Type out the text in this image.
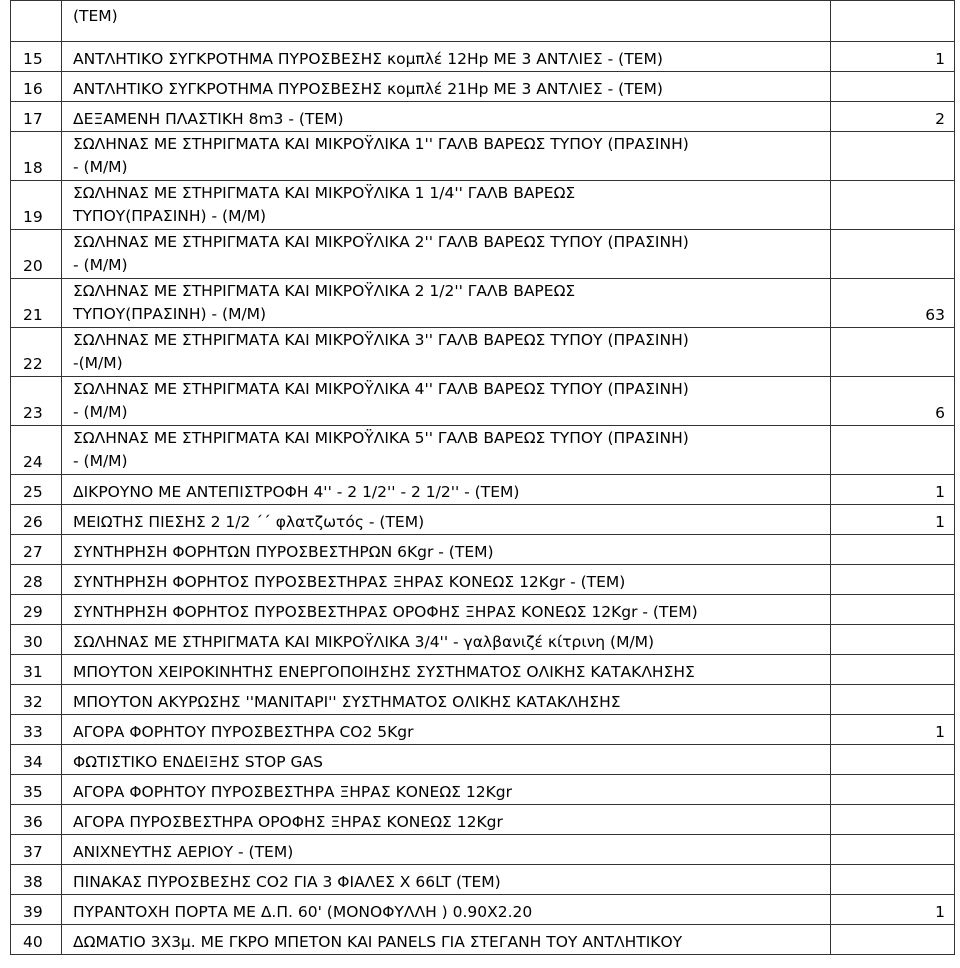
	(ΤΕΜ)	
15	ΑΝΤΛΗΤΙΚΟ ΣΥΓΚΡΟΤΗΜΑ ΠΥΡΟΣΒΕΣΗΣ κομπλέ 12Hp ΜΕ 3 ΑΝΤΛΙΕΣ - (ΤΕΜ)	1
16	ΑΝΤΛΗΤΙΚΟ ΣΥΓΚΡΟΤΗΜΑ ΠΥΡΟΣΒΕΣΗΣ κομπλέ 21Hp ΜΕ 3 ΑΝΤΛΙΕΣ - (ΤΕΜ)	
17	ΔΕΞΑΜΕΝΗ ΠΛΑΣΤΙΚΗ 8m3 - (ΤΕΜ)	2
18	ΣΩΛΗΝΑΣ ΜΕ ΣΤΗΡΙΓΜΑΤΑ ΚΑΙ ΜΙΚΡΟΫΛΙΚΑ 1'' ΓΑΛΒ ΒΑΡΕΩΣ ΤΥΠΟΥ (ΠΡΑΣΙΝΗ)
- (Μ/Μ)	

19	ΣΩΛΗΝΑΣ ΜΕ ΣΤΗΡΙΓΜΑΤΑ ΚΑΙ ΜΙΚΡΟΫΛΙΚΑ 1 1/4'' ΓΑΛΒ ΒΑΡΕΩΣ
ΤΥΠΟΥ(ΠΡΑΣΙΝΗ) - (Μ/Μ)	

20	ΣΩΛΗΝΑΣ ΜΕ ΣΤΗΡΙΓΜΑΤΑ ΚΑΙ ΜΙΚΡΟΫΛΙΚΑ 2'' ΓΑΛΒ ΒΑΡΕΩΣ ΤΥΠΟΥ (ΠΡΑΣΙΝΗ)
- (Μ/Μ)	

21	ΣΩΛΗΝΑΣ ΜΕ ΣΤΗΡΙΓΜΑΤΑ ΚΑΙ ΜΙΚΡΟΫΛΙΚΑ 2 1/2'' ΓΑΛΒ ΒΑΡΕΩΣ
ΤΥΠΟΥ(ΠΡΑΣΙΝΗ) - (Μ/Μ)	63
22	ΣΩΛΗΝΑΣ ΜΕ ΣΤΗΡΙΓΜΑΤΑ ΚΑΙ ΜΙΚΡΟΫΛΙΚΑ 3'' ΓΑΛΒ ΒΑΡΕΩΣ ΤΥΠΟΥ (ΠΡΑΣΙΝΗ)
-(Μ/Μ)	

23	ΣΩΛΗΝΑΣ ΜΕ ΣΤΗΡΙΓΜΑΤΑ ΚΑΙ ΜΙΚΡΟΫΛΙΚΑ 4'' ΓΑΛΒ ΒΑΡΕΩΣ ΤΥΠΟΥ (ΠΡΑΣΙΝΗ)
- (Μ/Μ)	6
24	ΣΩΛΗΝΑΣ ΜΕ ΣΤΗΡΙΓΜΑΤΑ ΚΑΙ ΜΙΚΡΟΫΛΙΚΑ 5'' ΓΑΛΒ ΒΑΡΕΩΣ ΤΥΠΟΥ (ΠΡΑΣΙΝΗ)
- (Μ/Μ)	

25	ΔΙΚΡΟΥΝΟ ΜΕ ΑΝΤΕΠΙΣΤΡΟΦΗ 4'' - 2 1/2'' - 2 1/2'' - (ΤΕΜ)	1
26	ΜΕΙΩΤΗΣ ΠΙΕΣΗΣ 2 1/2 ΄΄ φλατζωτός - (ΤΕΜ)	1
27	ΣΥΝΤΗΡΗΣΗ ΦΟΡΗΤΩΝ ΠΥΡΟΣΒΕΣΤΗΡΩΝ 6Kgr - (ΤΕΜ)	
28	ΣΥΝΤΗΡΗΣΗ ΦΟΡΗΤΟΣ ΠΥΡΟΣΒΕΣΤΗΡΑΣ ΞΗΡΑΣ ΚΟΝΕΩΣ 12Kgr - (ΤΕΜ)	
29	ΣΥΝΤΗΡΗΣΗ ΦΟΡΗΤΟΣ ΠΥΡΟΣΒΕΣΤΗΡΑΣ ΟΡΟΦΗΣ ΞΗΡΑΣ ΚΟΝΕΩΣ 12Kgr - (ΤΕΜ)	
30	ΣΩΛΗΝΑΣ ΜΕ ΣΤΗΡΙΓΜΑΤΑ ΚΑΙ ΜΙΚΡΟΫΛΙΚΑ 3/4'' - γαλβανιζέ κίτρινη (Μ/Μ)	
31	ΜΠΟΥΤΟΝ ΧΕΙΡΟΚΙΝΗΤΗΣ ΕΝΕΡΓΟΠΟΙΗΣΗΣ ΣΥΣΤΗΜΑΤΟΣ ΟΛΙΚΗΣ ΚΑΤΑΚΛΗΣΗΣ	
32	ΜΠΟΥΤΟΝ ΑΚΥΡΩΣΗΣ ''ΜΑΝΙΤΑΡΙ'' ΣΥΣΤΗΜΑΤΟΣ ΟΛΙΚΗΣ ΚΑΤΑΚΛΗΣΗΣ	
33	ΑΓΟΡΑ ΦΟΡΗΤΟΥ ΠΥΡΟΣΒΕΣΤΗΡΑ CO2 5Kgr	1
34	ΦΩΤΙΣΤΙΚΟ ΕΝΔΕΙΞΗΣ STOP GAS	
35	ΑΓΟΡΑ ΦΟΡΗΤΟΥ ΠΥΡΟΣΒΕΣΤΗΡΑ ΞΗΡΑΣ ΚΟΝΕΩΣ 12Kgr	
36	ΑΓΟΡΑ ΠΥΡΟΣΒΕΣΤΗΡΑ ΟΡΟΦΗΣ ΞΗΡΑΣ ΚΟΝΕΩΣ 12Kgr	
37	ΑΝΙΧΝΕΥΤΗΣ ΑΕΡΙΟΥ - (ΤΕΜ)	
38	ΠΙΝΑΚΑΣ ΠΥΡΟΣΒΕΣΗΣ CO2 ΓΙΑ 3 ΦΙΑΛΕΣ Χ 66LT (ΤΕΜ)	
39	ΠΥΡΑΝΤΟΧΗ ΠΟΡΤΑ ΜΕ Δ.Π. 60' (ΜΟΝΟΦΥΛΛΗ ) 0.90Χ2.20	1
40	ΔΩΜΑΤΙΟ 3Χ3μ. ΜΕ ΓΚΡΟ ΜΠΕΤΟΝ ΚΑΙ PANELS ΓΙΑ ΣΤΕΓΑΝΗ ΤΟΥ ΑΝΤΛΗΤΙΚΟΥ	
